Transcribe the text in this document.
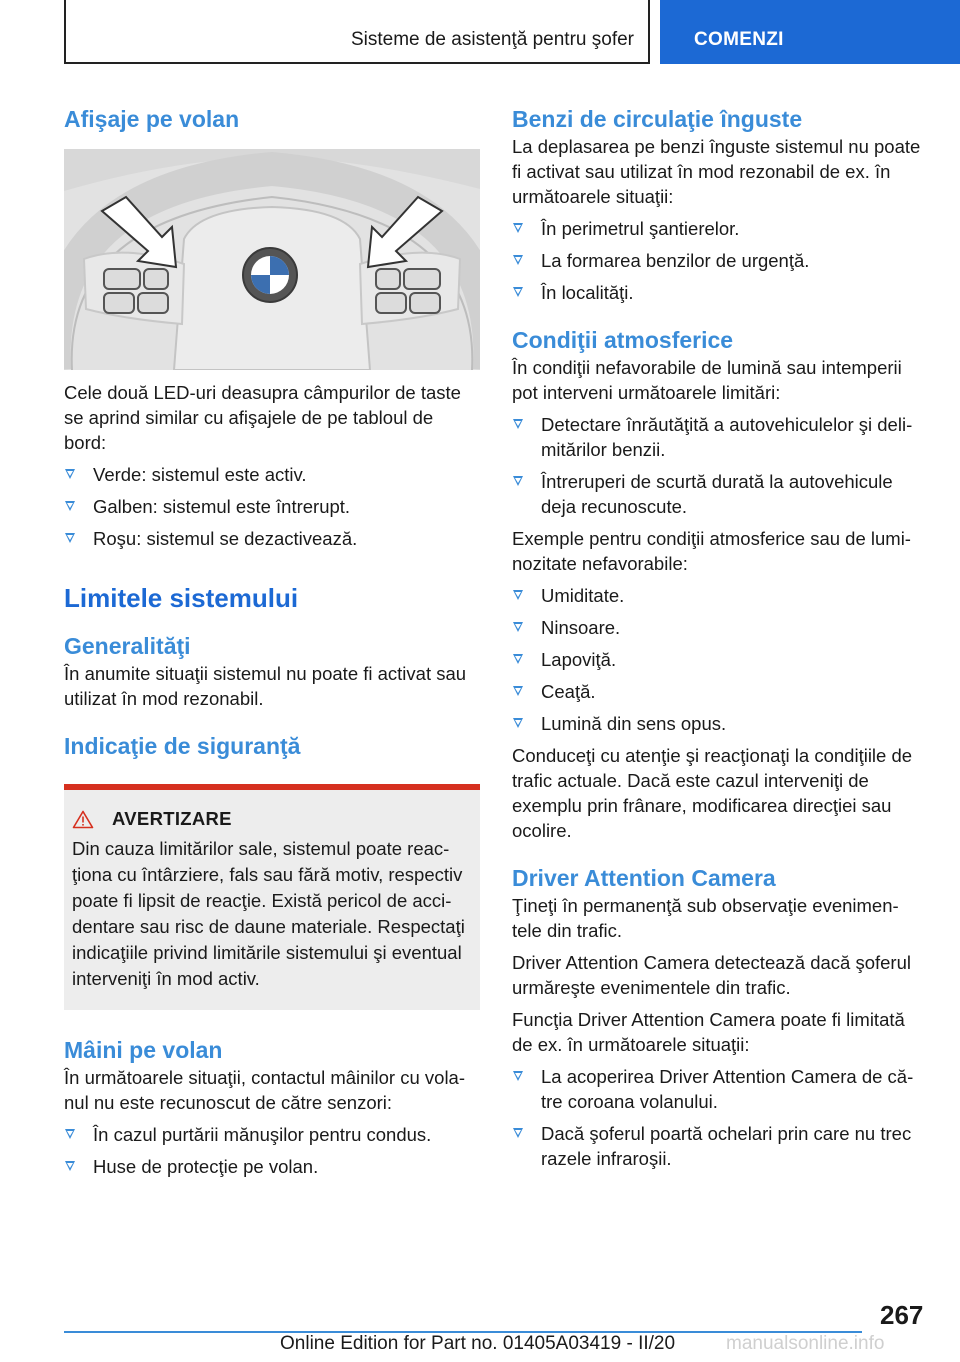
Sisteme de asistenţă pentru şofer	COMENZI
Afişaje pe volan

Cele două LED-uri deasupra câmpurilor de taste se aprind similar cu afişajele de pe tabloul de bord:

Verde: sistemul este activ.
Galben: sistemul este întrerupt.
Roşu: sistemul se dezactivează.
Limitele sistemului
Generalităţi

În anumite situaţii sistemul nu poate fi activat sau utilizat în mod rezonabil.

Indicaţie de siguranţă
AVERTIZARE

Din cauza limitărilor sale, sistemul poate reac‐ţiona cu întârziere, fals sau fără motiv, respectiv poate fi lipsit de reacţie. Există pericol de acci‐dentare sau risc de daune materiale. Respectaţi indicaţiile privind limitările sistemului şi eventual interveniţi în mod activ.

Mâini pe volan

În următoarele situaţii, contactul mâinilor cu vola‐nul nu este recunoscut de către senzori:

În cazul purtării mănuşilor pentru condus.
Huse de protecţie pe volan.
Benzi de circulaţie înguste

La deplasarea pe benzi înguste sistemul nu poate fi activat sau utilizat în mod rezonabil de ex. în următoarele situaţii:

În perimetrul şantierelor.
La formarea benzilor de urgenţă.
În localităţi.
Condiţii atmosferice

În condiţii nefavorabile de lumină sau intemperii pot interveni următoarele limitări:

Detectare înrăutăţită a autovehiculelor şi deli‐mitărilor benzii.
Întreruperi de scurtă durată la autovehicule deja recunoscute.

Exemple pentru condiţii atmosferice sau de lumi‐nozitate nefavorabile:

Umiditate.
Ninsoare.
Lapoviţă.
Ceaţă.
Lumină din sens opus.

Conduceţi cu atenţie şi reacţionaţi la condiţiile de trafic actuale. Dacă este cazul interveniţi de exemplu prin frânare, modificarea direcţiei sau ocolire.

Driver Attention Camera

Ţineţi în permanenţă sub observaţie evenimen‐tele din trafic.

Driver Attention Camera detectează dacă şoferul urmăreşte evenimentele din trafic.

Funcţia Driver Attention Camera poate fi limitată de ex. în următoarele situaţii:

La acoperirea Driver Attention Camera de că‐tre coroana volanului.
Dacă şoferul poartă ochelari prin care nu trec razele infraroşii.
267
Online Edition for Part no. 01405A03419 - II/20	manualsonline.info
